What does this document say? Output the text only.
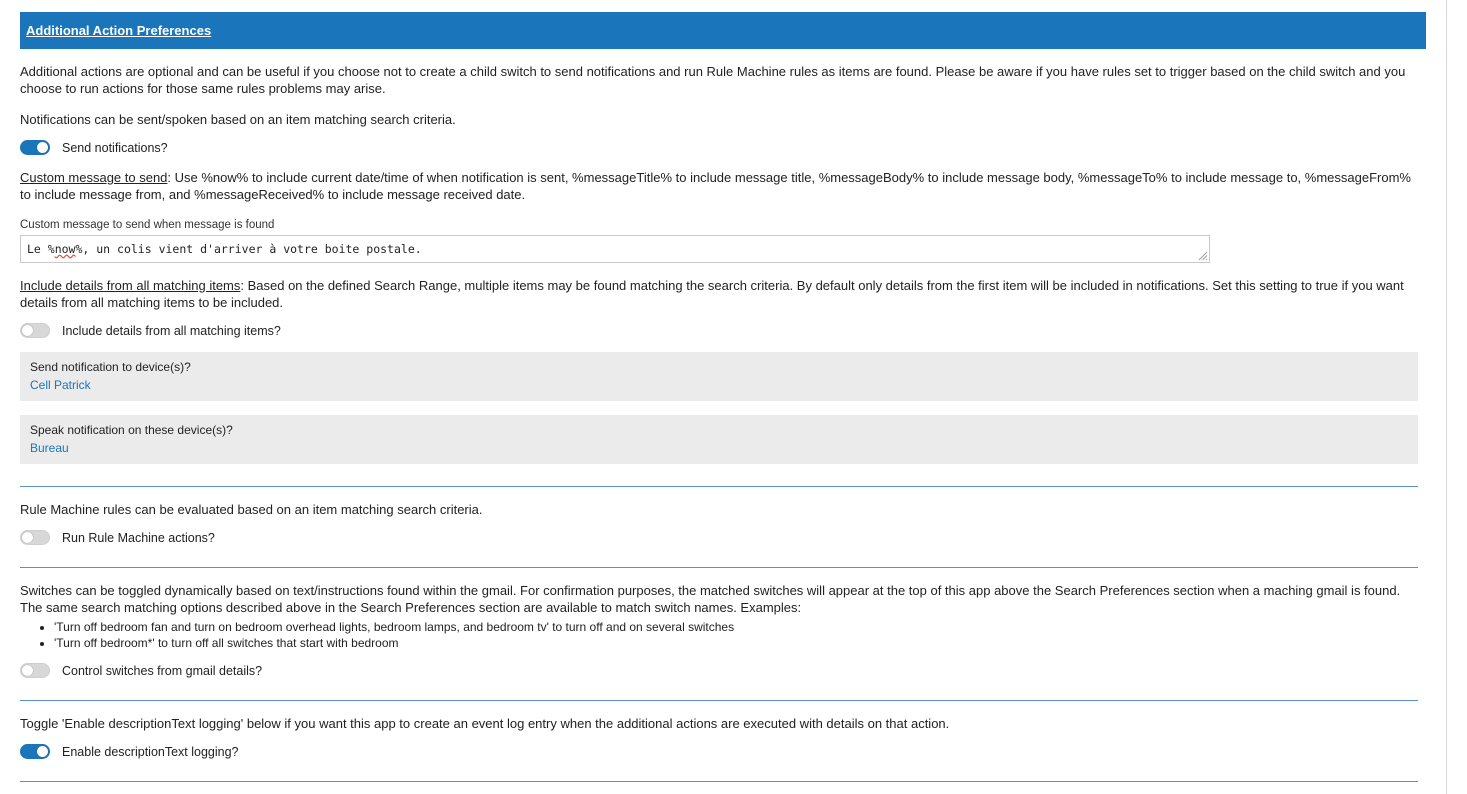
Additional Action Preferences

Additional actions are optional and can be useful if you choose not to create a child switch to send notifications and run Rule Machine rules as items are found. Please be aware if you have rules set to trigger based on the child switch and you choose to run actions for those same rules problems may arise.

Notifications can be sent/spoken based on an item matching search criteria.

Send notifications?

Custom message to send: Use %now% to include current date/time of when notification is sent, %messageTitle% to include message title, %messageBody% to include message body, %messageTo% to include message to, %messageFrom% to include message from, and %messageReceived% to include message received date.

Custom message to send when message is found
Le %now%, un colis vient d'arriver à votre boite postale.

Include details from all matching items: Based on the defined Search Range, multiple items may be found matching the search criteria. By default only details from the first item will be included in notifications. Set this setting to true if you want details from all matching items to be included.

Include details from all matching items?
Send notification to device(s)?
Cell Patrick
Speak notification on these device(s)?
Bureau

Rule Machine rules can be evaluated based on an item matching search criteria.

Run Rule Machine actions?

Switches can be toggled dynamically based on text/instructions found within the gmail. For confirmation purposes, the matched switches will appear at the top of this app above the Search Preferences section when a maching gmail is found. The same search matching options described above in the Search Preferences section are available to match switch names. Examples:

• 'Turn off bedroom fan and turn on bedroom overhead lights, bedroom lamps, and bedroom tv' to turn off and on several switches
• 'Turn off bedroom*' to turn off all switches that start with bedroom
Control switches from gmail details?

Toggle 'Enable descriptionText logging' below if you want this app to create an event log entry when the additional actions are executed with details on that action.

Enable descriptionText logging?
